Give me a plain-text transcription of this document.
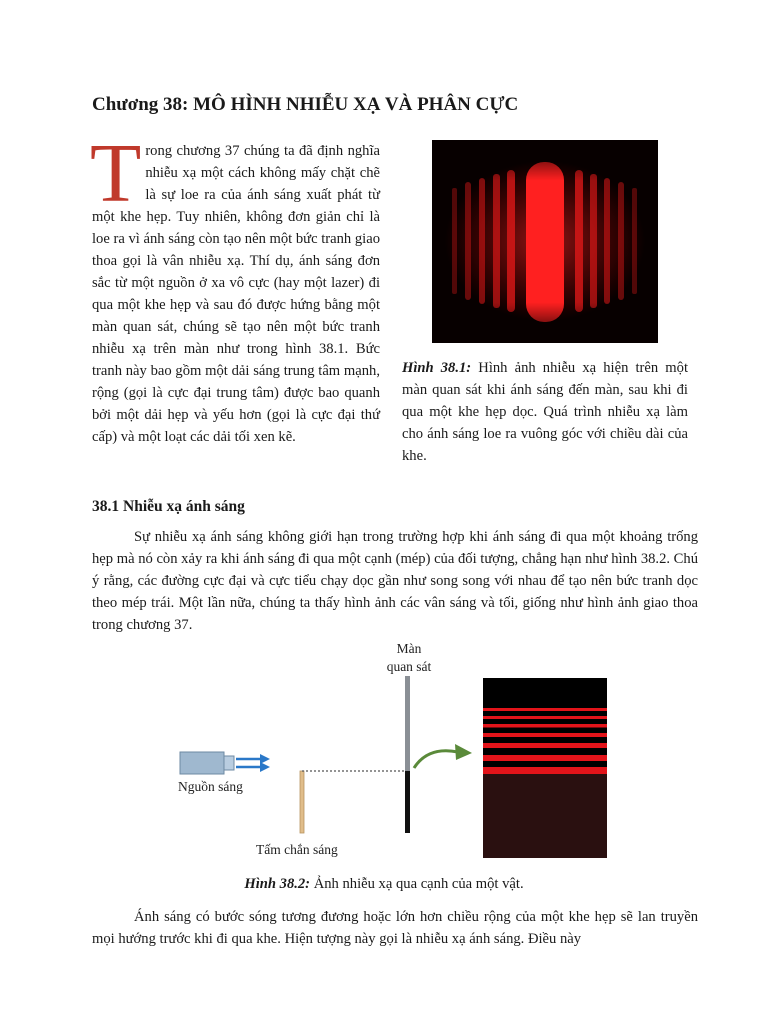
Chương 38: MÔ HÌNH NHIỄU XẠ VÀ PHÂN CỰC
Trong chương 37 chúng ta đã định nghĩa nhiễu xạ một cách không mấy chặt chẽ là sự loe ra của ánh sáng xuất phát từ một khe hẹp. Tuy nhiên, không đơn giản chỉ là loe ra vì ánh sáng còn tạo nên một bức tranh giao thoa gọi là vân nhiễu xạ. Thí dụ, ánh sáng đơn sắc từ một nguồn ở xa vô cực (hay một lazer) đi qua một khe hẹp và sau đó được hứng bằng một màn quan sát, chúng sẽ tạo nên một bức tranh nhiễu xạ trên màn như trong hình 38.1. Bức tranh này bao gồm một dải sáng trung tâm mạnh, rộng (gọi là cực đại trung tâm) được bao quanh bởi một dải hẹp và yếu hơn (gọi là cực đại thứ cấp) và một loạt các dải tối xen kẽ.
Hình 38.1: Hình ảnh nhiễu xạ hiện trên một màn quan sát khi ánh sáng đến màn, sau khi đi qua một khe hẹp dọc. Quá trình nhiễu xạ làm cho ánh sáng loe ra vuông góc với chiều dài của khe.
38.1 Nhiễu xạ ánh sáng
Sự nhiễu xạ ánh sáng không giới hạn trong trường hợp khi ánh sáng đi qua một khoảng trống hẹp mà nó còn xảy ra khi ánh sáng đi qua một cạnh (mép) của đối tượng, chẳng hạn như hình 38.2. Chú ý rằng, các đường cực đại và cực tiểu chạy dọc gần như song song với nhau để tạo nên bức tranh dọc theo mép trái. Một lần nữa, chúng ta thấy hình ảnh các vân sáng và tối, giống như hình ảnh giao thoa trong chương 37.
Màn
quan sát
Nguồn sáng
Tấm chắn sáng
Hình 38.2: Ảnh nhiễu xạ qua cạnh của một vật.
Ánh sáng có bước sóng tương đương hoặc lớn hơn chiều rộng của một khe hẹp sẽ lan truyền mọi hướng trước khi đi qua khe. Hiện tượng này gọi là nhiễu xạ ánh sáng. Điều này
